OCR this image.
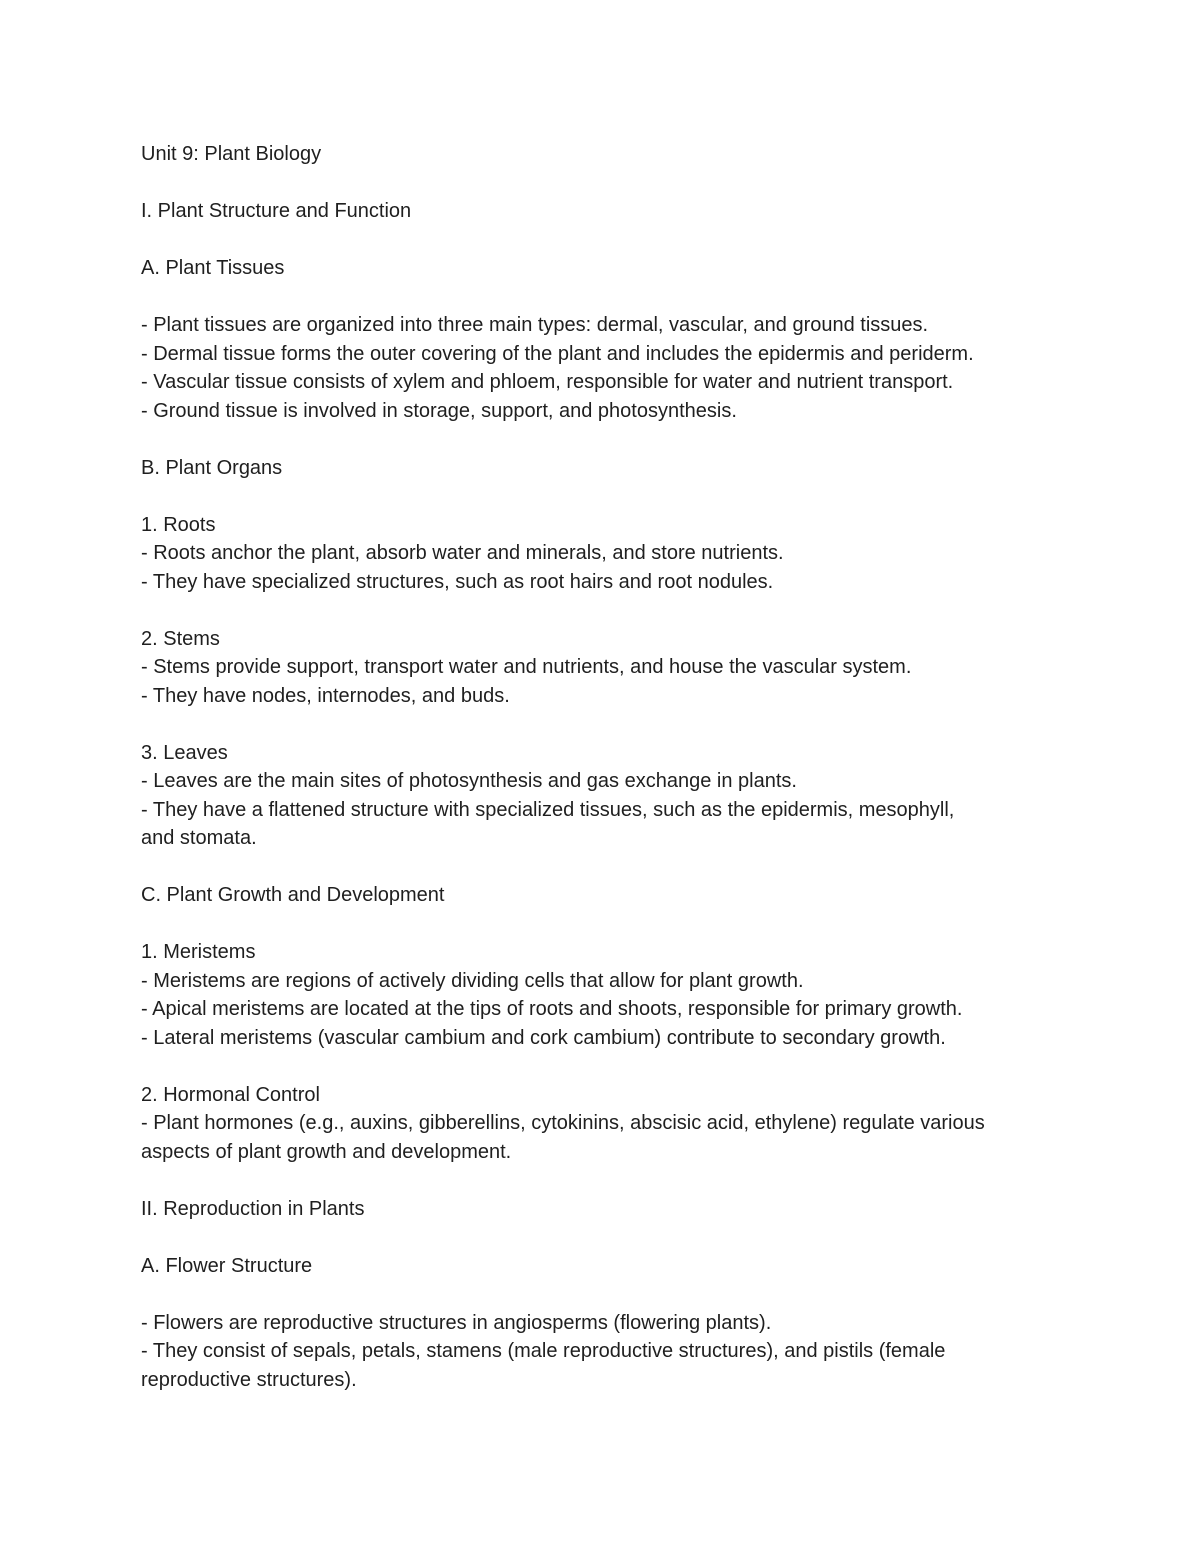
Unit 9: Plant Biology

I. Plant Structure and Function

A. Plant Tissues

- Plant tissues are organized into three main types: dermal, vascular, and ground tissues.

- Dermal tissue forms the outer covering of the plant and includes the epidermis and periderm.

- Vascular tissue consists of xylem and phloem, responsible for water and nutrient transport.

- Ground tissue is involved in storage, support, and photosynthesis.

B. Plant Organs

1. Roots

- Roots anchor the plant, absorb water and minerals, and store nutrients.

- They have specialized structures, such as root hairs and root nodules.

2. Stems

- Stems provide support, transport water and nutrients, and house the vascular system.

- They have nodes, internodes, and buds.

3. Leaves

- Leaves are the main sites of photosynthesis and gas exchange in plants.

- They have a flattened structure with specialized tissues, such as the epidermis, mesophyll,

and stomata.

C. Plant Growth and Development

1. Meristems

- Meristems are regions of actively dividing cells that allow for plant growth.

- Apical meristems are located at the tips of roots and shoots, responsible for primary growth.

- Lateral meristems (vascular cambium and cork cambium) contribute to secondary growth.

2. Hormonal Control

- Plant hormones (e.g., auxins, gibberellins, cytokinins, abscisic acid, ethylene) regulate various

aspects of plant growth and development.

II. Reproduction in Plants

A. Flower Structure

- Flowers are reproductive structures in angiosperms (flowering plants).

- They consist of sepals, petals, stamens (male reproductive structures), and pistils (female

reproductive structures).
